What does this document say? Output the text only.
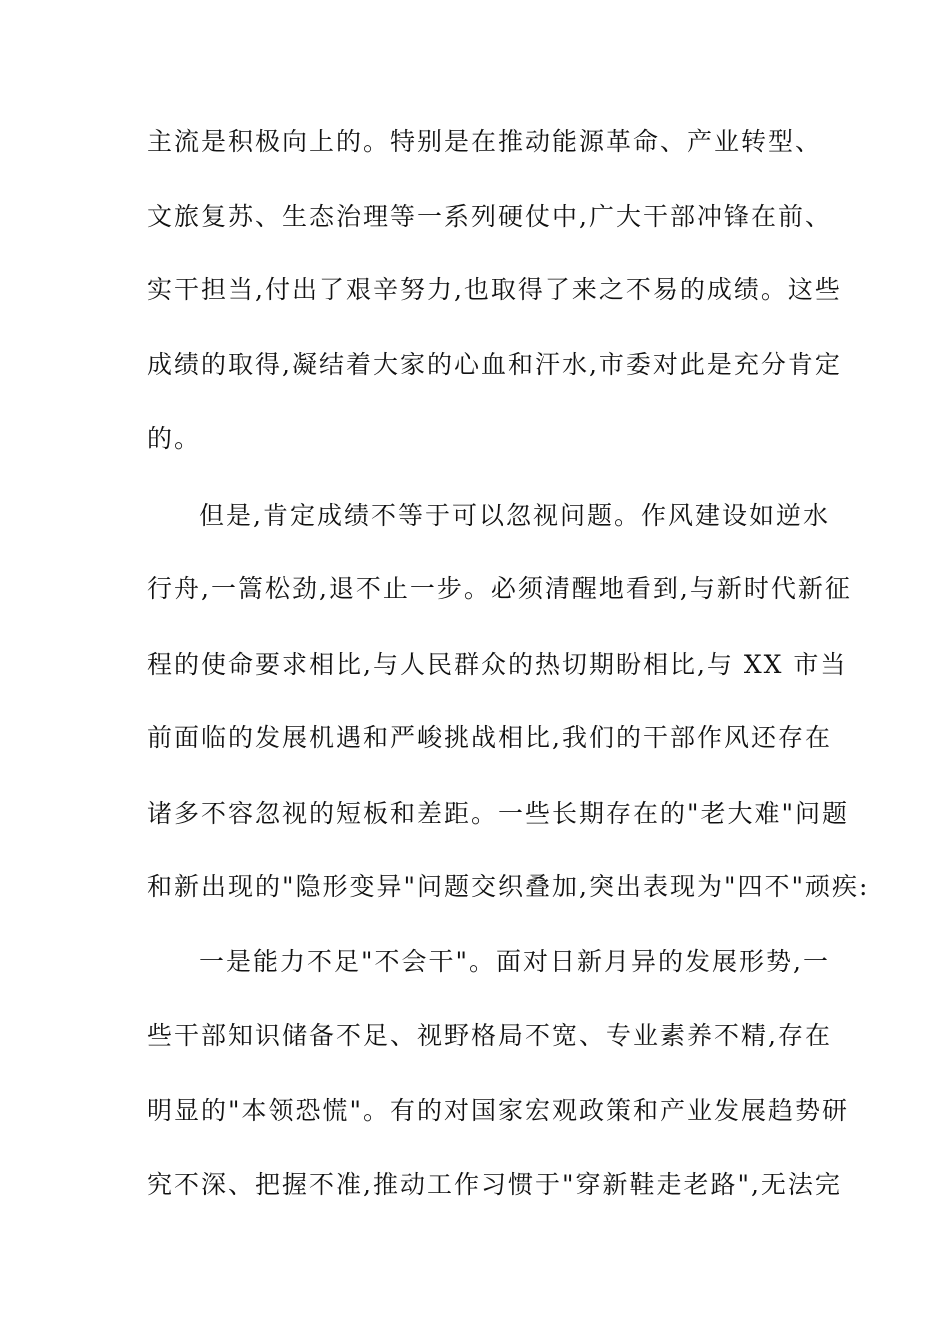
主流是积极向上的。特别是在推动能源革命、产业转型、
文旅复苏、生态治理等一系列硬仗中,广大干部冲锋在前、
实干担当,付出了艰辛努力,也取得了来之不易的成绩。这些
成绩的取得,凝结着大家的心血和汗水,市委对此是充分肯定
的。
但是,肯定成绩不等于可以忽视问题。作风建设如逆水
行舟,一篙松劲,退不止一步。必须清醒地看到,与新时代新征
程的使命要求相比,与人民群众的热切期盼相比,与 XX 市当
前面临的发展机遇和严峻挑战相比,我们的干部作风还存在
诸多不容忽视的短板和差距。一些长期存在的"老大难"问题
和新出现的"隐形变异"问题交织叠加,突出表现为"四不"顽疾:
一是能力不足"不会干"。面对日新月异的发展形势,一
些干部知识储备不足、视野格局不宽、专业素养不精,存在
明显的"本领恐慌"。有的对国家宏观政策和产业发展趋势研
究不深、把握不准,推动工作习惯于"穿新鞋走老路",无法完
